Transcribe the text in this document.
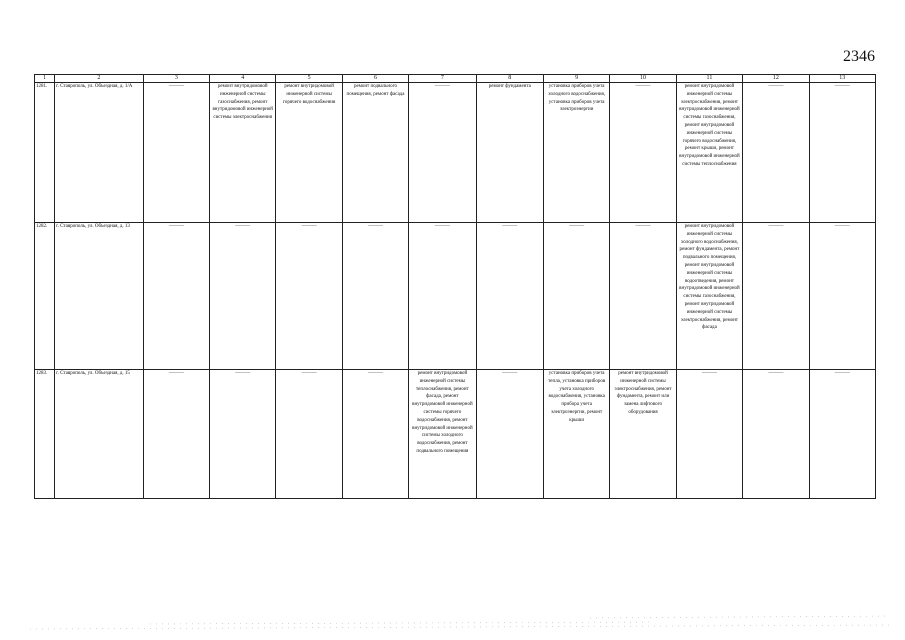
2346
1	2	3	4	5	6	7	8	9	10	11	12	13
1281.	г. Ставрополь, ул. Объездная, д. 1/А	———	ремонт внутридомовой инженерной системы газоснабжения, ремонт внутридомовой инженерной системы электроснабжения	ремонт внутридомовой инженерной системы горячего водоснабжения	ремонт подвального помещения, ремонт фасада	———	ремонт фундамента	установка приборов учета холодного водоснабжения, установка приборов учета электроэнергии	———	ремонт внутридомовой инженерной системы электроснабжения, ремонт внутридомовой инженерной системы газоснабжения, ремонт внутридомовой инженерной системы горячего водоснабжения, ремонт крыши, ремонт внутридомовой инженерной системы теплоснабжения	———	———
1282.	г. Ставрополь, ул. Объездная, д. 13	———	———	———	———	———	———	———	———	ремонт внутридомовой инженерной системы холодного водоснабжения, ремонт фундамента, ремонт подвального помещения, ремонт внутридомовой инженерной системы водоотведения, ремонт внутридомовой инженерной системы газоснабжения, ремонт внутридомовой инженерной системы электроснабжения, ремонт фасада	———	———
1283.	г. Ставрополь, ул. Объездная, д. 15	———	———	———	———	ремонт внутридомовой инженерной системы теплоснабжения, ремонт фасада, ремонт внутридомовой инженерной системы горячего водоснабжения, ремонт внутридомовой инженерной системы холодного водоснабжения, ремонт подвального помещения	———	установка приборов учета тепла, установка приборов учета холодного водоснабжения, установка прибора учета электроэнергии, ремонт крыши	ремонт внутридомовой инженерной системы электроснабжения, ремонт фундамента, ремонт или замена лифтового оборудования	———	———	———
